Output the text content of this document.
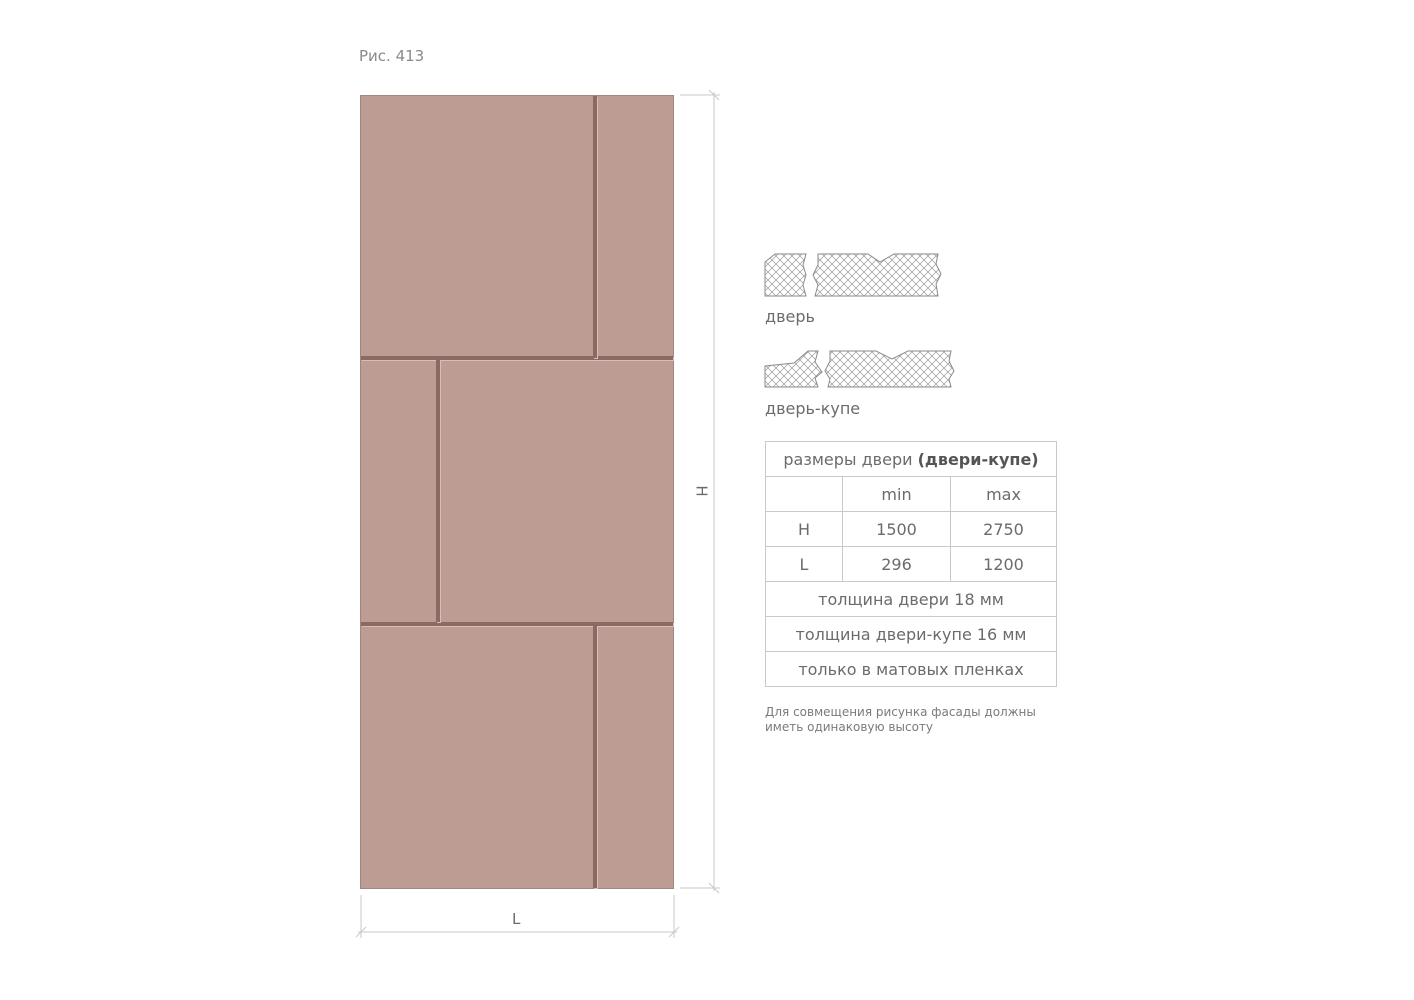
Рис. 413
H
L
дверь
дверь-купе
размеры двери (двери-купе)		
	min	max
H	1500	2750
L	296	1200
толщина двери 18 мм		
толщина двери-купе 16 мм		
только в матовых пленках		
Для совмещения рисунка фасады должны иметь одинаковую высоту
